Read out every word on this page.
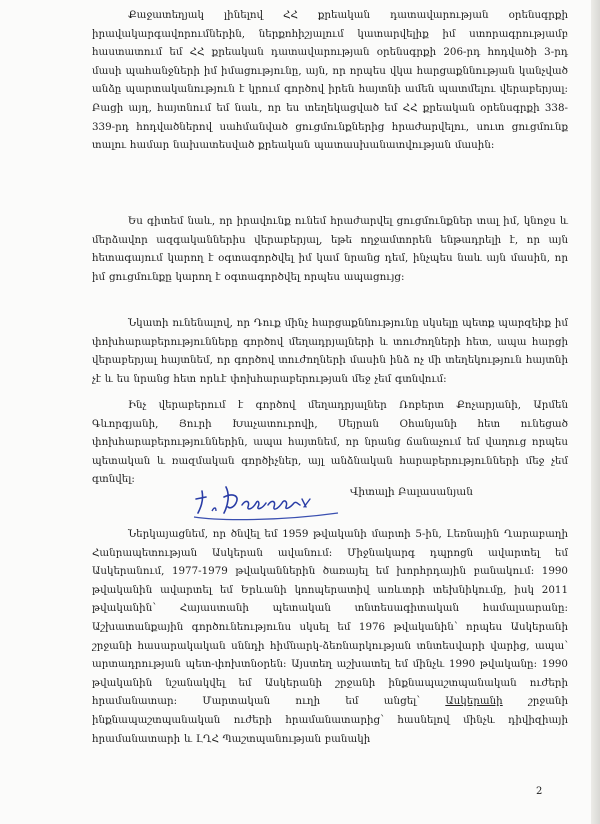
Քաջատեղյակ լինելով ՀՀ քրեական դատավարության օրենսգրքի իրավակարգավորումներին, ներքոհիշյալում կատարվելիք իմ ստորագրությամբ հաստատում եմ ՀՀ քրեական դատավարության օրենսգրքի 206-րդ հոդվածի 3-րդ մասի պահանջների իմ իմացությունը, այն, որ որպես վկա հարցաքննության կանչված անձը պարտականություն է կրում գործով իրեն հայտնի ամեն պատմելու վերաբերյալ: Բացի այդ, հայտնում եմ նաև, որ ես տեղեկացված եմ ՀՀ քրեական օրենսգրքի 338-339-րդ հոդվածներով սահմանված ցուցմունքներից հրաժարվելու, սուտ ցուցմունք տալու համար նախատեսված քրեական պատասխանատվության մասին:

Ես գիտեմ նաև, որ իրավունք ունեմ հրաժարվել ցուցմունքներ տալ իմ, կնոջս և մերձավոր ազգականներիս վերաբերյալ, եթե ողջամտորեն ենթադրելի է, որ այն հետագայում կարող է օգտագործվել իմ կամ նրանց դեմ, ինչպես նաև այն մասին, որ իմ ցուցմունքը կարող է օգտագործվել որպես ապացույց:

Նկատի ունենալով, որ Դուք մինչ հարցաքննությունը սկսելը պետք պարզեիք իմ փոխհարաբերությունները գործով մեղադրյալների և տուժողների հետ, ապա հարցի վերաբերյալ հայտնեմ, որ գործով տուժողների մասին ինձ ոչ մի տեղեկություն հայտնի չէ և ես նրանց հետ որևէ փոխհարաբերության մեջ չեմ գտնվում:

Ինչ վերաբերում է գործով մեղադրյալներ Ռոբերտ Քոչարյանի, Արմեն Գևորգյանի, Յուրի Խաչատուրովի, Սեյրան Օհանյանի հետ ունեցած փոխհարաբերություններին, ապա հայտնեմ, որ նրանց ճանաչում եմ վաղուց որպես պետական և ռազմական գործիչներ, այլ անձնական հարաբերությունների մեջ չեմ գտնվել:

Վիտալի Բալասանյան

Ներկայացնեմ, որ ծնվել եմ 1959 թվականի մարտի 5-ին, Լեռնային Ղարաբաղի Հանրապետության Ասկերան ավանում: Միջնակարգ դպրոցն ավարտել եմ Ասկերանում, 1977-1979 թվականներին ծառայել եմ խորհրդային բանակում: 1990 թվականին ավարտել եմ Երևանի կոոպերատիվ առևտրի տեխնիկումը, իսկ 2011 թվականին՝ Հայաստանի պետական տնտեսագիտական համալսարանը: Աշխատանքային գործունեությունս սկսել եմ 1976 թվականին՝ որպես Ասկերանի շրջանի հասարակական սննդի հիմնարկ-ձեռնարկության տնտեսվարի վարից, ապա՝ արտադրության պետ-փոխտնօրեն: Այստեղ աշխատել եմ մինչև 1990 թվականը: 1990 թվականին նշանակվել եմ Ասկերանի շրջանի ինքնապաշտպանական ուժերի հրամանատար: Մարտական ուղի եմ անցել՝ Ասկերանի շրջանի ինքնապաշտպանական ուժերի հրամանատարից՝ հասնելով մինչև դիվիզիայի հրամանատարի և ԼՂՀ Պաշտպանության բանակի

2
